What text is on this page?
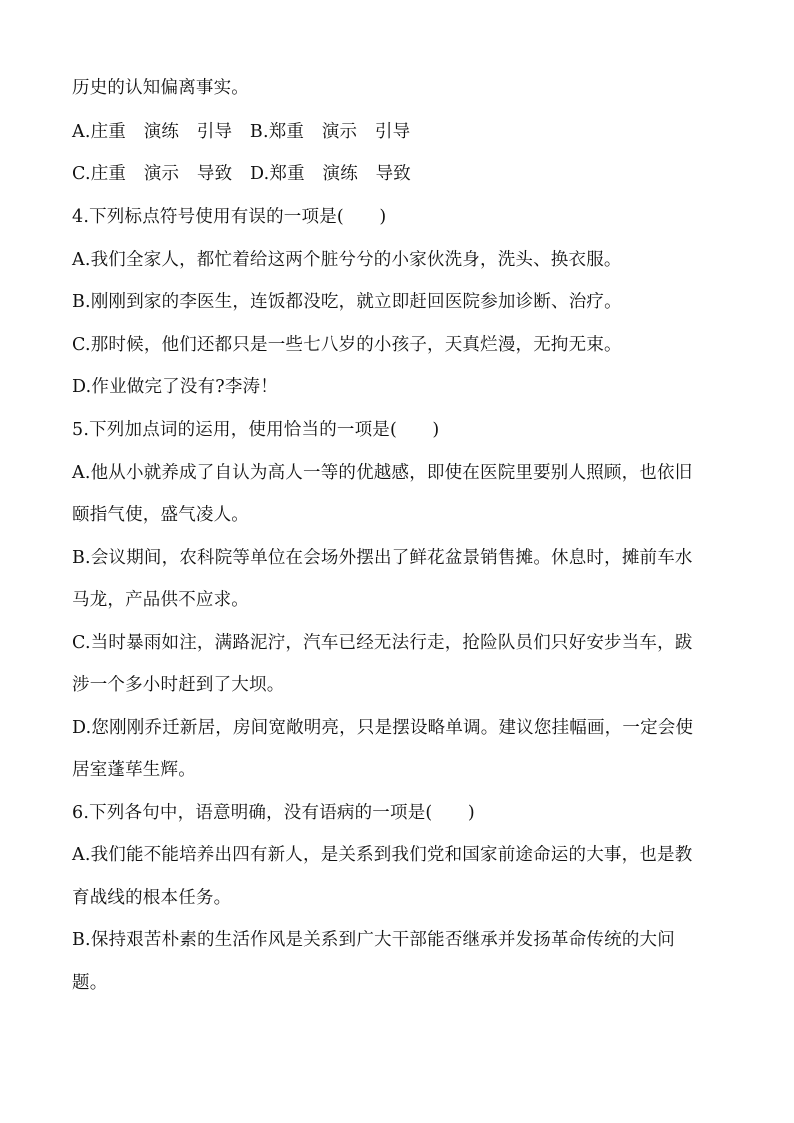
历史的认知偏离事实。
A.庄重　演练　引导　B.郑重　演示　引导
C.庄重　演示　导致　D.郑重　演练　导致
4.下列标点符号使用有误的一项是(　　)
A.我们全家人，都忙着给这两个脏兮兮的小家伙洗身，洗头、换衣服。
B.刚刚到家的李医生，连饭都没吃，就立即赶回医院参加诊断、治疗。
C.那时候，他们还都只是一些七八岁的小孩子，天真烂漫，无拘无束。
D.作业做完了没有?李涛！
5.下列加点词的运用，使用恰当的一项是(　　)
A.他从小就养成了自认为高人一等的优越感，即使在医院里要别人照顾，也依旧
颐指气使，盛气凌人。
B.会议期间，农科院等单位在会场外摆出了鲜花盆景销售摊。休息时，摊前车水
马龙，产品供不应求。
C.当时暴雨如注，满路泥泞，汽车已经无法行走，抢险队员们只好安步当车，跋
涉一个多小时赶到了大坝。
D.您刚刚乔迁新居，房间宽敞明亮，只是摆设略单调。建议您挂幅画，一定会使
居室蓬荜生辉。
6.下列各句中，语意明确，没有语病的一项是(　　)
A.我们能不能培养出四有新人，是关系到我们党和国家前途命运的大事，也是教
育战线的根本任务。
B.保持艰苦朴素的生活作风是关系到广大干部能否继承并发扬革命传统的大问
题。
